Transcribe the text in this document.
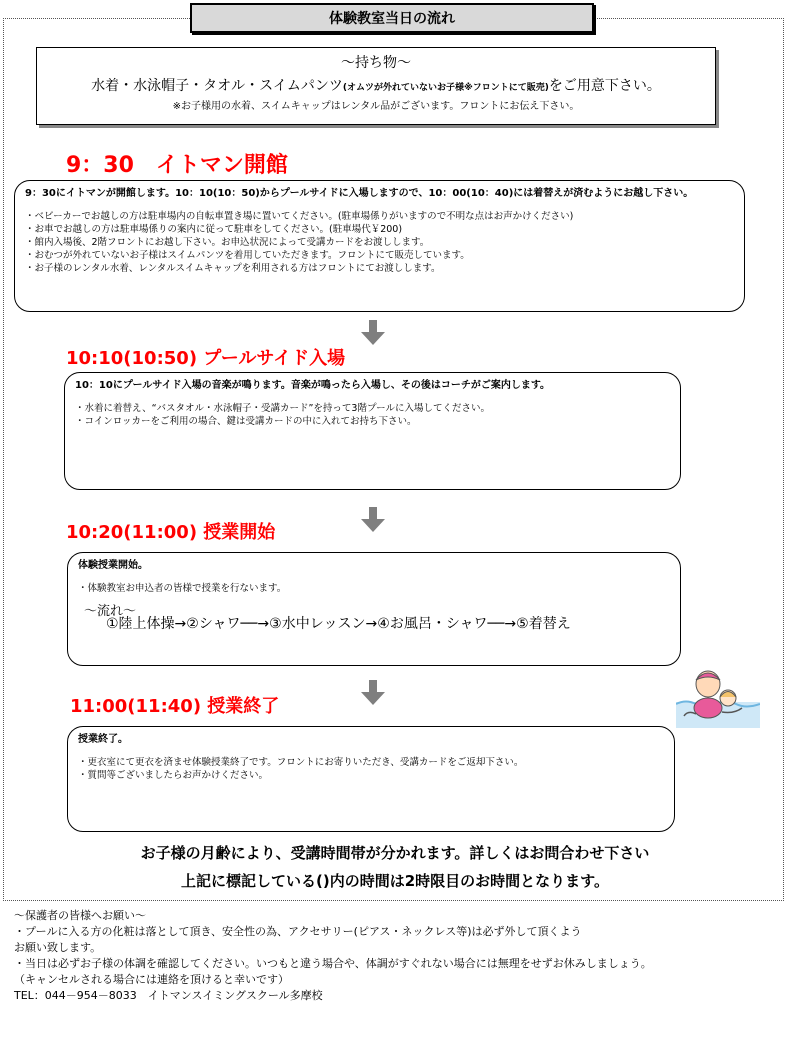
体験教室当日の流れ
～持ち物～
水着・水泳帽子・タオル・スイムパンツ(オムツが外れていないお子様※フロントにて販売)をご用意下さい。
※お子様用の水着、スイムキャップはレンタル品がございます。フロントにお伝え下さい。
9：30　イトマン開館
9：30にイトマンが開館します。10：10(10：50)からプールサイドに入場しますので、10：00(10：40)には着替えが済むようにお越し下さい。
・ベビーカーでお越しの方は駐車場内の自転車置き場に置いてください。(駐車場係りがいますので不明な点はお声かけください)
・お車でお越しの方は駐車場係りの案内に従って駐車をしてください。(駐車場代￥200)
・館内入場後、2階フロントにお越し下さい。お申込状況によって受講カードをお渡しします。
・おむつが外れていないお子様はスイムパンツを着用していただきます。フロントにて販売しています。
・お子様のレンタル水着、レンタルスイムキャップを利用される方はフロントにてお渡しします。
10:10(10:50) プールサイド入場
10：10にプールサイド入場の音楽が鳴ります。音楽が鳴ったら入場し、その後はコーチがご案内します。
・水着に着替え、“バスタオル・水泳帽子・受講カード”を持って3階プールに入場してください。
・コインロッカーをご利用の場合、鍵は受講カードの中に入れてお持ち下さい。
10:20(11:00) 授業開始
体験授業開始。
・体験教室お申込者の皆様で授業を行ないます。
～流れ～
①陸上体操→②シャワ──→③水中レッスン→④お風呂・シャワ──→⑤着替え
11:00(11:40) 授業終了
授業終了。
・更衣室にて更衣を済ませ体験授業終了です。フロントにお寄りいただき、受講カードをご返却下さい。
・質問等ございましたらお声かけください。
お子様の月齢により、受講時間帯が分かれます。詳しくはお問合わせ下さい
上記に標記している()内の時間は2時限目のお時間となります。
～保護者の皆様へお願い～
・プールに入る方の化粧は落として頂き、安全性の為、アクセサリー(ピアス・ネックレス等)は必ず外して頂くよう
お願い致します。
・当日は必ずお子様の体調を確認してください。いつもと違う場合や、体調がすぐれない場合には無理をせずお休みしましょう。
（キャンセルされる場合には連絡を頂けると幸いです）
TEL：044－954－8033　イトマンスイミングスクール多摩校
